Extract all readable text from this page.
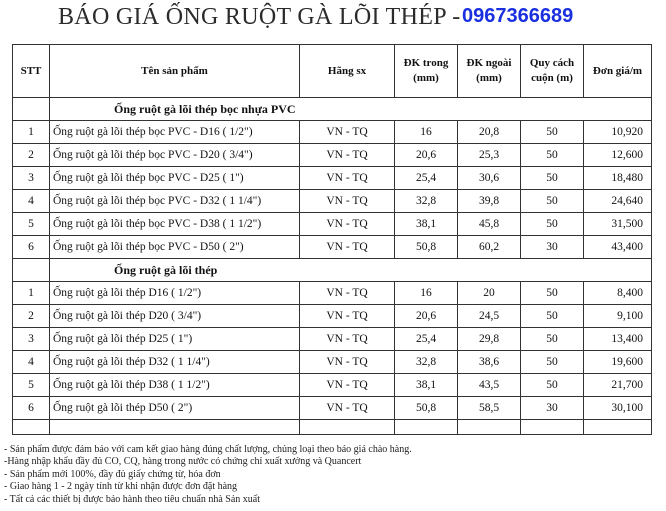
BÁO GIÁ ỐNG RUỘT GÀ LÕI THÉP - 0967366689
STT	Tên sản phẩm	Hãng sx	ĐK trong (mm)	ĐK ngoài (mm)	Quy cách cuộn (m)	Đơn giá/m
	Ống ruột gà lõi thép bọc nhựa PVC					
1	Ống ruột gà lõi thép bọc PVC - D16 ( 1/2")	VN - TQ	16	20,8	50	10,920
2	Ống ruột gà lõi thép bọc PVC - D20 ( 3/4")	VN - TQ	20,6	25,3	50	12,600
3	Ống ruột gà lõi thép bọc PVC - D25 ( 1")	VN - TQ	25,4	30,6	50	18,480
4	Ống ruột gà lõi thép bọc PVC - D32 ( 1 1/4")	VN - TQ	32,8	39,8	50	24,640
5	Ống ruột gà lõi thép bọc PVC - D38 ( 1 1/2")	VN - TQ	38,1	45,8	50	31,500
6	Ống ruột gà lõi thép bọc PVC - D50 ( 2")	VN - TQ	50,8	60,2	30	43,400
	Ống ruột gà lõi thép					
1	Ống ruột gà lõi thép D16 ( 1/2")	VN - TQ	16	20	50	8,400
2	Ống ruột gà lõi thép D20 ( 3/4")	VN - TQ	20,6	24,5	50	9,100
3	Ống ruột gà lõi thép D25 ( 1")	VN - TQ	25,4	29,8	50	13,400
4	Ống ruột gà lõi thép D32 ( 1 1/4")	VN - TQ	32,8	38,6	50	19,600
5	Ống ruột gà lõi thép D38 ( 1 1/2")	VN - TQ	38,1	43,5	50	21,700
6	Ống ruột gà lõi thép D50 ( 2")	VN - TQ	50,8	58,5	30	30,100

- Sản phẩm được đảm bảo với cam kết giao hàng đúng chất lượng, chủng loại theo báo giá chào hàng.
-Hàng nhập khẩu đầy đủ CO, CQ, hàng trong nước có chứng chỉ xuất xưởng và Quancert
- Sản phẩm mới 100%, đầy đủ giấy chứng từ, hóa đơn
- Giao hàng 1 - 2 ngày tính từ khi nhận được đơn đặt hàng
- Tất cả các thiết bị được bảo hành theo tiêu chuẩn nhà Sản xuất
